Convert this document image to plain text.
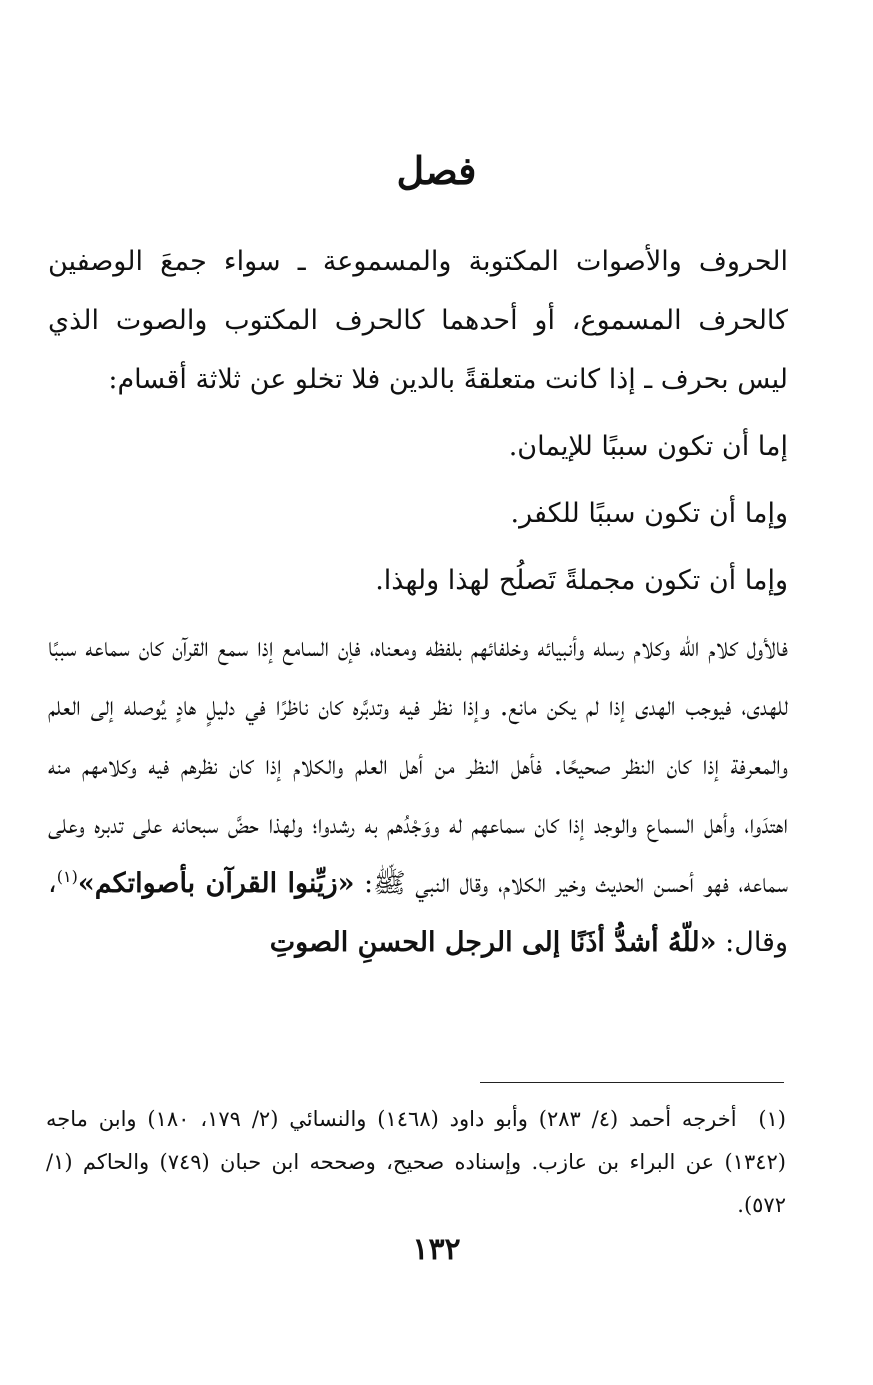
فصل

الحروف والأصوات المكتوبة والمسموعة ـ سواء جمعَ الوصفين كالحرف المسموع، أو أحدهما كالحرف المكتوب والصوت الذي ليس بحرف ـ إذا كانت متعلقةً بالدين فلا تخلو عن ثلاثة أقسام:

إما أن تكون سببًا للإيمان.

وإما أن تكون سببًا للكفر.

وإما أن تكون مجملةً تَصلُح لهذا ولهذا.

فالأول كلام الله وكلام رسله وأنبيائه وخلفائهم بلفظه ومعناه، فإن السامع إذا سمع القرآن كان سماعه سببًا للهدى، فيوجب الهدى إذا لم يكن مانع. وإذا نظر فيه وتدبَّره كان ناظرًا في دليلٍ هادٍ يُوصله إلى العلم والمعرفة إذا كان النظر صحيحًا. فأهل النظر من أهل العلم والكلام إذا كان نظرهم فيه وكلامهم منه اهتدَوا، وأهل السماع والوجد إذا كان سماعهم له ووَجْدُهم به رشدوا؛ ولهذا حضَّ سبحانه على تدبره وعلى سماعه، فهو أحسن الحديث وخير الكلام، وقال النبي ﷺ: «زيِّنوا القرآن بأصواتكم»$^{(١)}$، وقال: «للّهُ أشدُّ أذَنًا إلى الرجل الحسنِ الصوتِ

(١)  أخرجه أحمد (٤/ ٢٨٣) وأبو داود (١٤٦٨) والنسائي (٢/ ١٧٩، ١٨٠) وابن ماجه (١٣٤٢) عن البراء بن عازب. وإسناده صحيح، وصححه ابن حبان (٧٤٩) والحاكم (١/ ٥٧٢).

١٣٢
